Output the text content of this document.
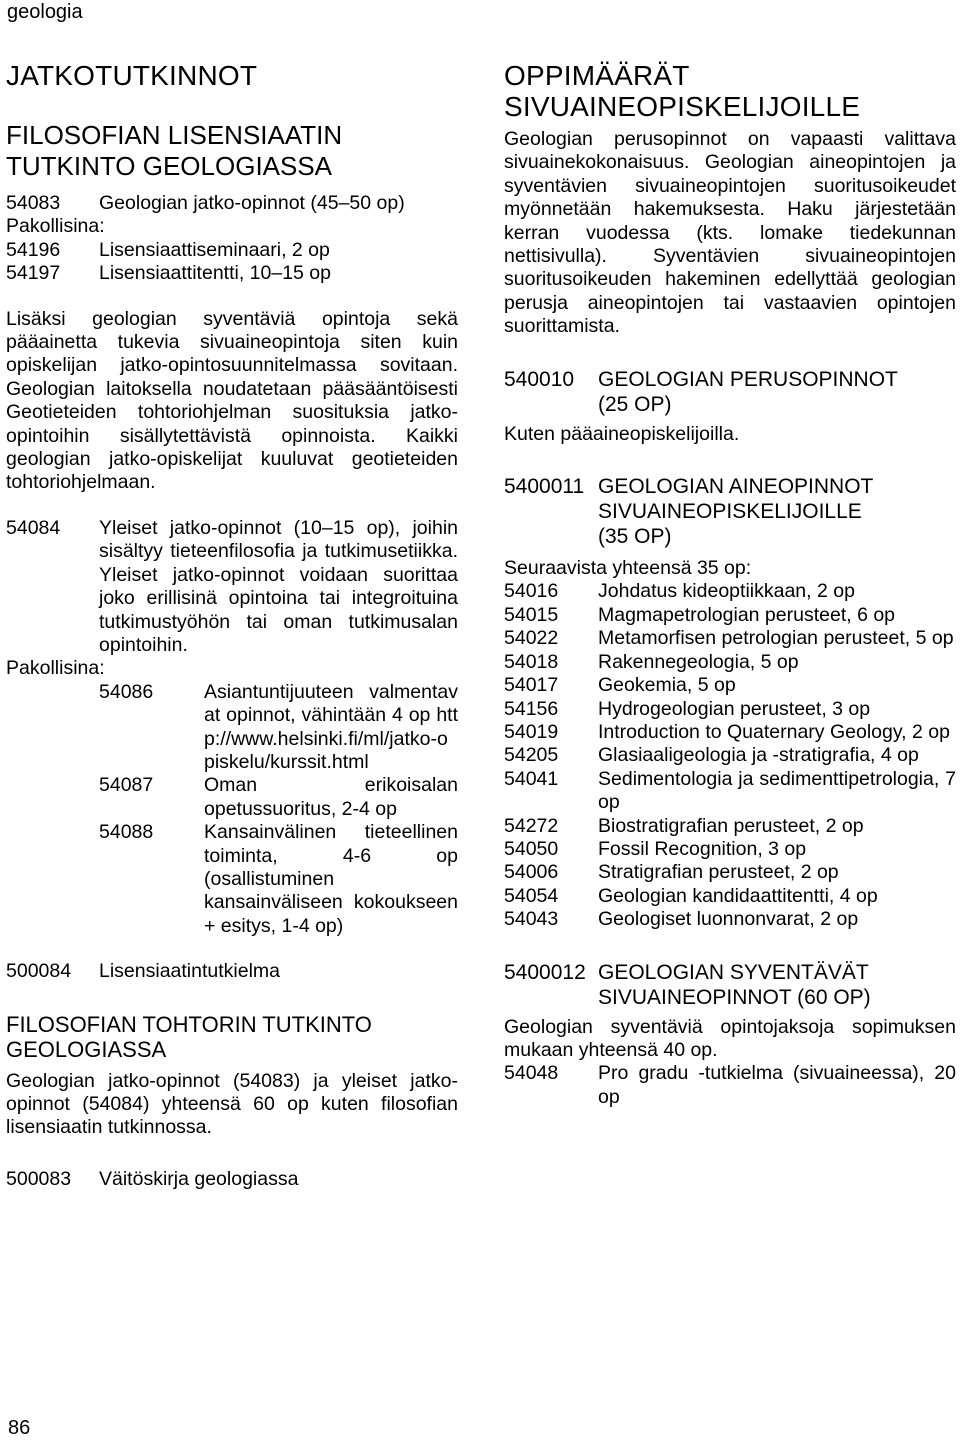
geologia
JATKOTUTKINNOT
FILOSOFIAN LISENSIAATIN TUTKINTO GEOLOGIASSA
54083	Geologian jatko-opinnot (45–50 op)
Pakollisina:
54196	Lisensiaattiseminaari, 2 op
54197	Lisensiaattitentti, 10–15 op
Lisäksi geologian syventäviä opintoja sekä pääainetta tukevia sivuaineopintoja siten kuin opiskelijan jatko-opintosuunnitelmassa sovitaan. Geologian laitoksella noudatetaan pääsääntöisesti Geotieteiden tohtoriohjelman suosituksia jatko-opintoihin sisällytettävistä opinnoista. Kaikki geologian jatko-opiskelijat kuuluvat geotieteiden tohtoriohjelmaan.
54084	Yleiset jatko-opinnot (10–15 op), joihin sisältyy tieteenfilosofia ja tutkimusetiikka. Yleiset jatko-opinnot voidaan suorittaa joko erillisinä opintoina tai integroituina tutkimustyöhön tai oman tutkimusalan opintoihin.
Pakollisina:
54086	Asiantuntijuuteen valmentavat opinnot, vähintään 4 op http://www.helsinki.fi/ml/jatko-opiskelu/kurssit.html
54087	Oman erikoisalan opetussuoritus, 2-4 op
54088	Kansainvälinen tieteellinen toiminta, 4-6 op (osallistuminen kansainväliseen kokoukseen + esitys, 1-4 op)
500084	Lisensiaatintutkielma
FILOSOFIAN TOHTORIN TUTKINTO GEOLOGIASSA
Geologian jatko-opinnot (54083) ja yleiset jatko-opinnot (54084) yhteensä 60 op kuten filosofian lisensiaatin tutkinnossa.
500083	Väitöskirja geologiassa
OPPIMÄÄRÄT SIVUAINEOPISKELIJOILLE
Geologian perusopinnot on vapaasti valittava sivuainekokonaisuus. Geologian aineopintojen ja syventävien sivuaineopintojen suoritusoikeudet myönnetään hakemuksesta. Haku järjestetään kerran vuodessa (kts. lomake tiedekunnan nettisivulla). Syventävien sivuaineopintojen suoritusoikeuden hakeminen edellyttää geologian perusja aineopintojen tai vastaavien opintojen suorittamista.
540010	GEOLOGIAN PERUSOPINNOT
(25 OP)
Kuten pääaineopiskelijoilla.
5400011 GEOLOGIAN AINEOPINNOT SIVUAINEOPISKELIJOILLE
(35 OP)
Seuraavista yhteensä 35 op:
54016	Johdatus kideoptiikkaan, 2 op
54015	Magmapetrologian perusteet, 6 op
54022	Metamorfisen petrologian perusteet, 5 op
54018	Rakennegeologia, 5 op
54017	Geokemia, 5 op
54156	Hydrogeologian perusteet, 3 op
54019	Introduction to Quaternary Geology, 2 op
54205	Glasiaaligeologia ja -stratigrafia, 4 op
54041	Sedimentologia ja sedimenttipetrologia, 7 op
54272	Biostratigrafian perusteet, 2 op
54050	Fossil Recognition, 3 op
54006	Stratigrafian perusteet, 2 op
54054	Geologian kandidaattitentti, 4 op
54043	Geologiset luonnonvarat, 2 op
5400012 GEOLOGIAN SYVENTÄVÄT SIVUAINEOPINNOT (60 OP)
Geologian syventäviä opintojaksoja sopimuksen mukaan yhteensä 40 op.
54048	Pro gradu -tutkielma (sivuaineessa), 20 op
86
